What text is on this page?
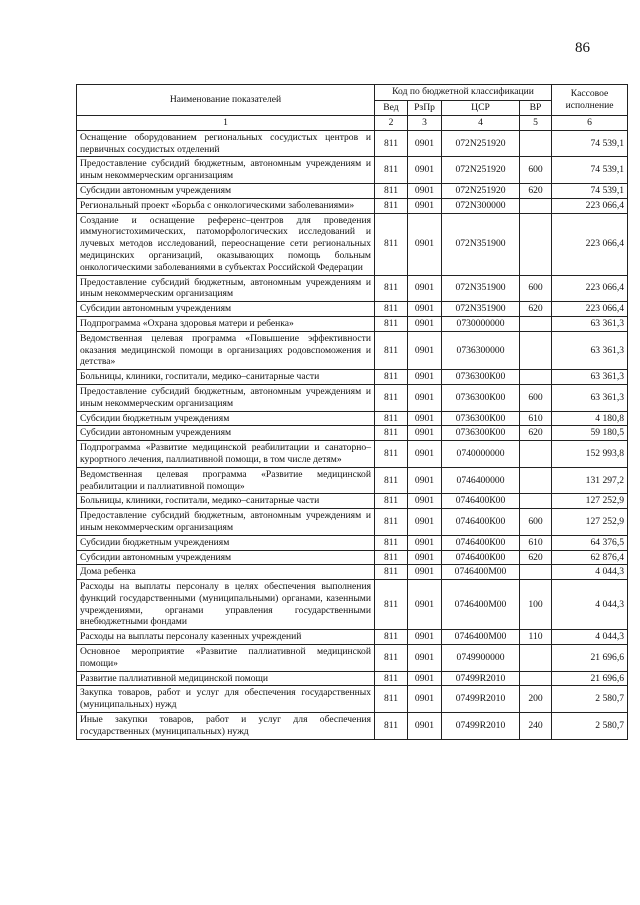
86
Наименование показателей	Код по бюджетной классификации				Кассовое исполнение
	Вед	РзПр	ЦСР	ВР	
1	2	3	4	5	6
Оснащение оборудованием региональных сосудистых центров и первичных сосудистых отделений	811	0901	072N251920		74 539,1
Предоставление субсидий бюджетным, автономным учреждениям и иным некоммерческим организациям	811	0901	072N251920	600	74 539,1
Субсидии автономным учреждениям	811	0901	072N251920	620	74 539,1
Региональный проект «Борьба с онкологическими заболеваниями»	811	0901	072N300000		223 066,4
Создание и оснащение референс–центров для проведения иммуногистохимических, патоморфологических исследований и лучевых методов исследований, переоснащение сети региональных медицинских организаций, оказывающих помощь больным онкологическими заболеваниями в субъектах Российской Федерации	811	0901	072N351900		223 066,4
Предоставление субсидий бюджетным, автономным учреждениям и иным некоммерческим организациям	811	0901	072N351900	600	223 066,4
Субсидии автономным учреждениям	811	0901	072N351900	620	223 066,4
Подпрограмма «Охрана здоровья матери и ребенка»	811	0901	0730000000		63 361,3
Ведомственная целевая программа «Повышение эффективности оказания медицинской помощи в организациях родовспоможения и детства»	811	0901	0736300000		63 361,3
Больницы, клиники, госпитали, медико–санитарные части	811	0901	0736300К00		63 361,3
Предоставление субсидий бюджетным, автономным учреждениям и иным некоммерческим организациям	811	0901	0736300К00	600	63 361,3
Субсидии бюджетным учреждениям	811	0901	0736300К00	610	4 180,8
Субсидии автономным учреждениям	811	0901	0736300К00	620	59 180,5
Подпрограмма «Развитие медицинской реабилитации и санаторно–курортного лечения, паллиативной помощи, в том числе детям»	811	0901	0740000000		152 993,8
Ведомственная целевая программа «Развитие медицинской реабилитации и паллиативной помощи»	811	0901	0746400000		131 297,2
Больницы, клиники, госпитали, медико–санитарные части	811	0901	0746400К00		127 252,9
Предоставление субсидий бюджетным, автономным учреждениям и иным некоммерческим организациям	811	0901	0746400К00	600	127 252,9
Субсидии бюджетным учреждениям	811	0901	0746400К00	610	64 376,5
Субсидии автономным учреждениям	811	0901	0746400К00	620	62 876,4
Дома ребенка	811	0901	0746400М00		4 044,3
Расходы на выплаты персоналу в целях обеспечения выполнения функций государственными (муниципальными) органами, казенными учреждениями, органами управления государственными внебюджетными фондами	811	0901	0746400М00	100	4 044,3
Расходы на выплаты персоналу казенных учреждений	811	0901	0746400М00	110	4 044,3
Основное мероприятие «Развитие паллиативной медицинской помощи»	811	0901	0749900000		21 696,6
Развитие паллиативной медицинской помощи	811	0901	07499R2010		21 696,6
Закупка товаров, работ и услуг для обеспечения государственных (муниципальных) нужд	811	0901	07499R2010	200	2 580,7
Иные закупки товаров, работ и услуг для обеспечения государственных (муниципальных) нужд	811	0901	07499R2010	240	2 580,7
